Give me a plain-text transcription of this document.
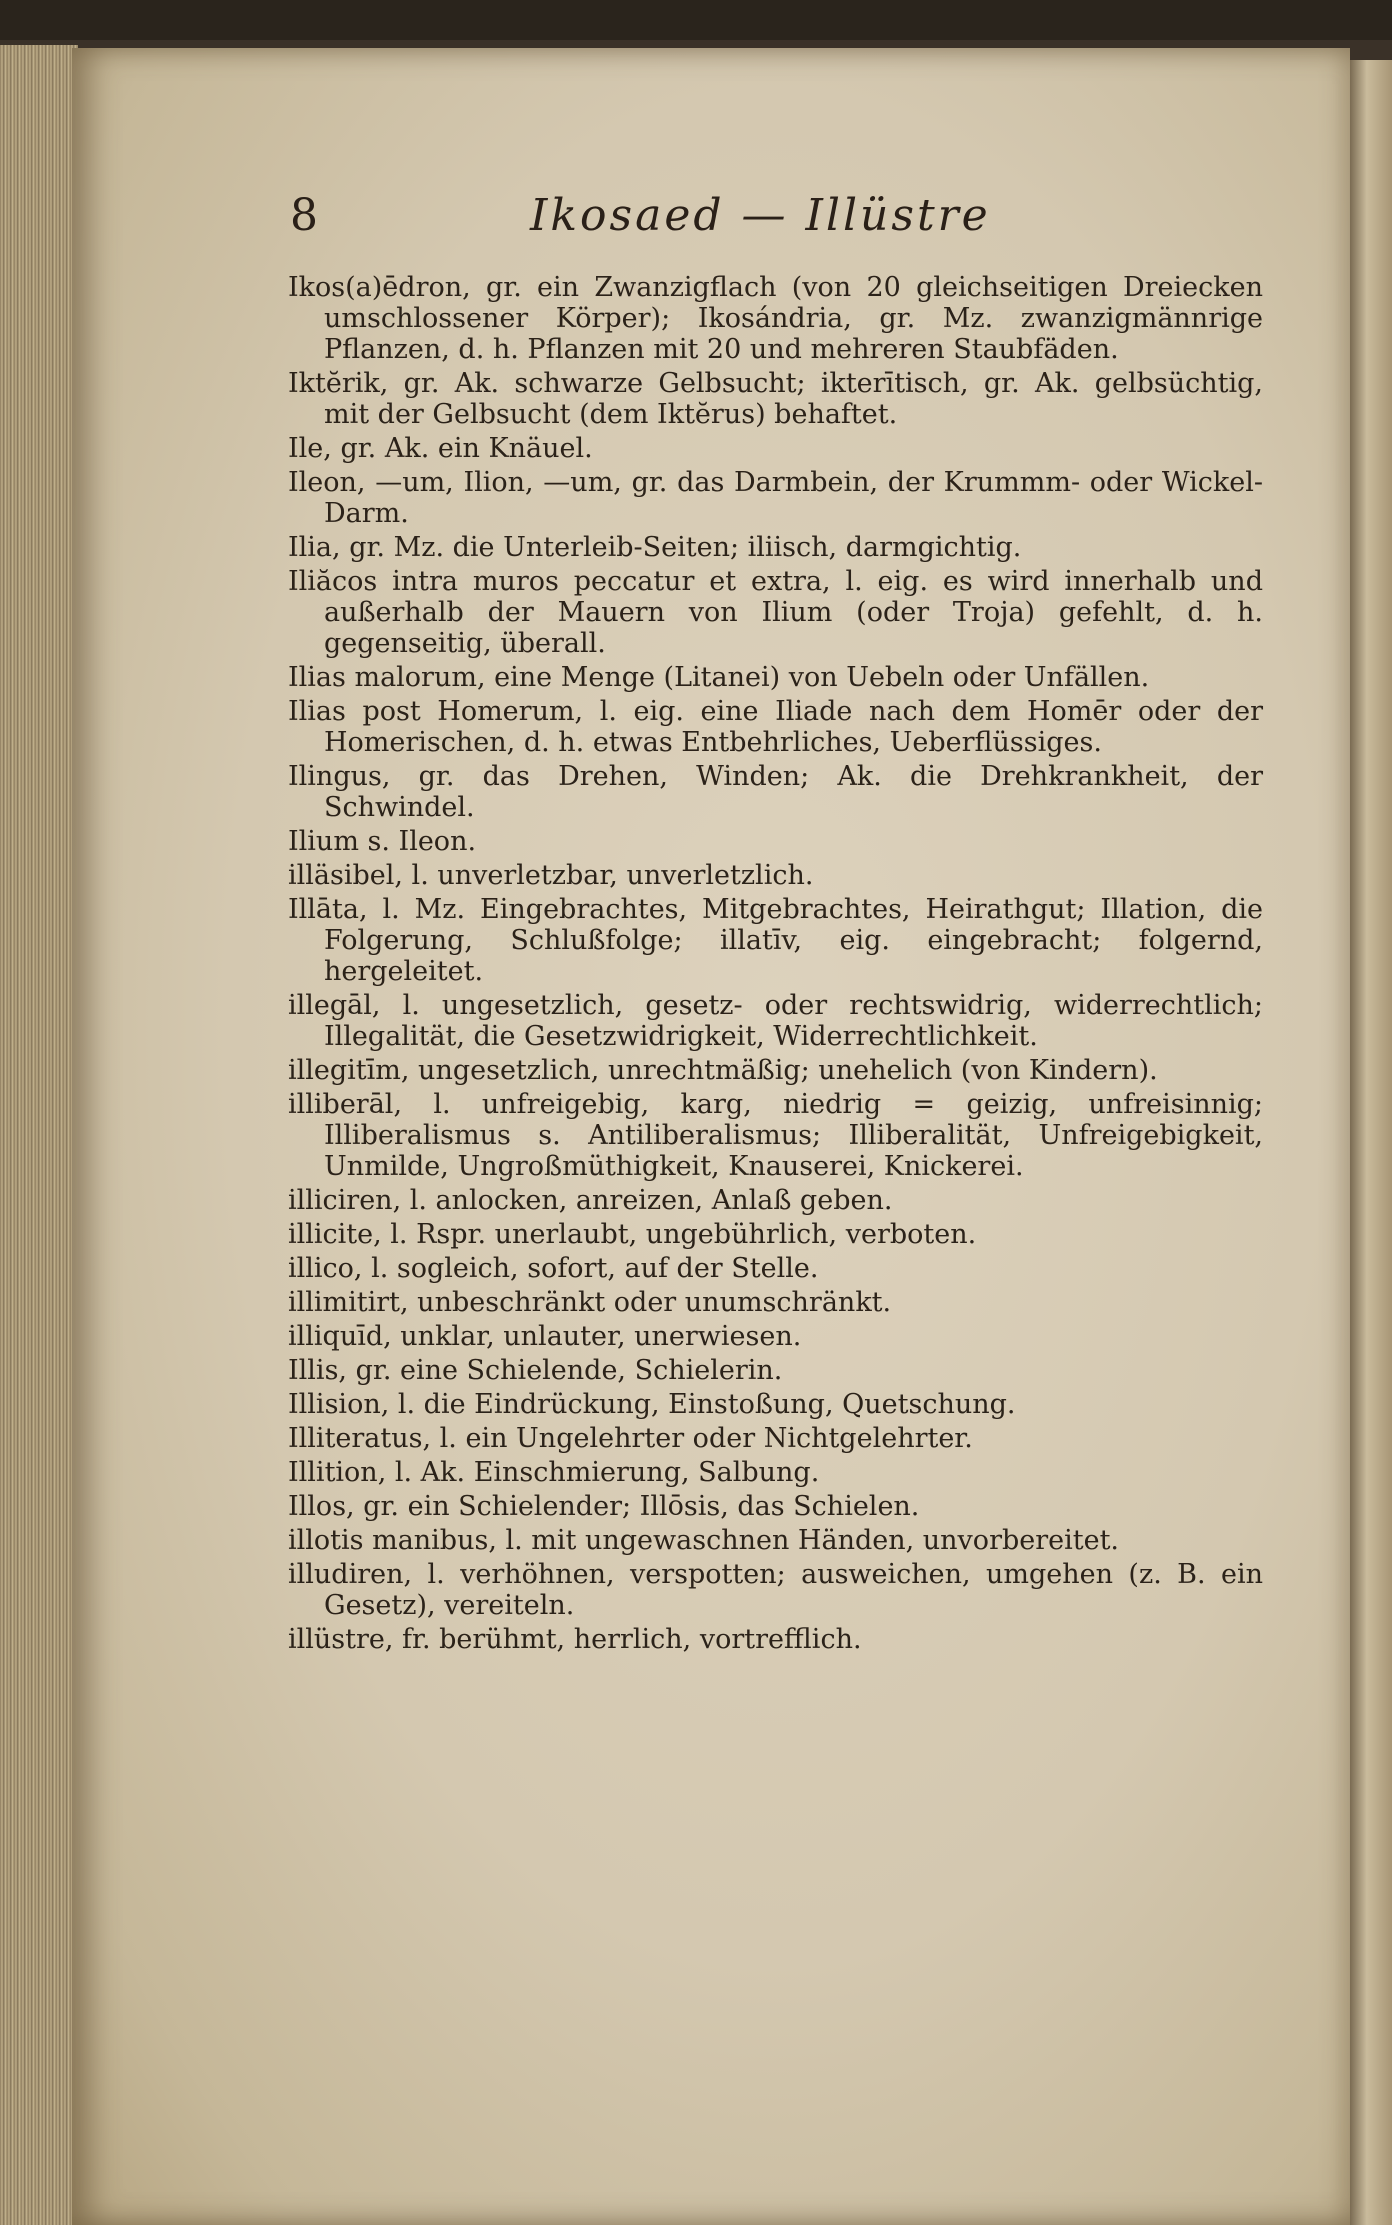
8	Ikosaed — Illüstre

Ikos(a)ēdron, gr. ein Zwanzigflach (von 20 gleichseitigen Dreiecken umschlossener Körper); Ikosándria, gr. Mz. zwanzigmännrige Pflanzen, d. h. Pflanzen mit 20 und mehreren Staubfäden.

Iktĕrik, gr. Ak. schwarze Gelbsucht; ikterītisch, gr. Ak. gelbsüchtig, mit der Gelbsucht (dem Iktĕrus) behaftet.

Ile, gr. Ak. ein Knäuel.

Ileon, —um, Ilion, —um, gr. das Darmbein, der Krummm- oder Wickel-Darm.

Ilia, gr. Mz. die Unterleib-Seiten; iliisch, darmgichtig.

Iliăcos intra muros peccatur et extra, l. eig. es wird innerhalb und außerhalb der Mauern von Ilium (oder Troja) gefehlt, d. h. gegenseitig, überall.

Ilias malorum, eine Menge (Litanei) von Uebeln oder Unfällen.

Ilias post Homerum, l. eig. eine Iliade nach dem Homēr oder der Homerischen, d. h. etwas Entbehrliches, Ueberflüssiges.

Ilingus, gr. das Drehen, Winden; Ak. die Drehkrankheit, der Schwindel.

Ilium s. Ileon.

illäsibel, l. unverletzbar, unverletzlich.

Illāta, l. Mz. Eingebrachtes, Mitgebrachtes, Heirathgut; Illation, die Folgerung, Schlußfolge; illatīv, eig. eingebracht; folgernd, hergeleitet.

illegāl, l. ungesetzlich, gesetz- oder rechtswidrig, widerrechtlich; Illegalität, die Gesetzwidrigkeit, Widerrechtlichkeit.

illegitīm, ungesetzlich, unrechtmäßig; unehelich (von Kindern).

illiberāl, l. unfreigebig, karg, niedrig = geizig, unfreisinnig; Illiberalismus s. Antiliberalismus; Illiberalität, Unfreigebigkeit, Unmilde, Ungroßmüthigkeit, Knauserei, Knickerei.

illiciren, l. anlocken, anreizen, Anlaß geben.

illicite, l. Rspr. unerlaubt, ungebührlich, verboten.

illico, l. sogleich, sofort, auf der Stelle.

illimitirt, unbeschränkt oder unumschränkt.

illiquīd, unklar, unlauter, unerwiesen.

Illis, gr. eine Schielende, Schielerin.

Illision, l. die Eindrückung, Einstoßung, Quetschung.

Illiteratus, l. ein Ungelehrter oder Nichtgelehrter.

Illition, l. Ak. Einschmierung, Salbung.

Illos, gr. ein Schielender; Illōsis, das Schielen.

illotis manibus, l. mit ungewaschnen Händen, unvorbereitet.

illudiren, l. verhöhnen, verspotten; ausweichen, umgehen (z. B. ein Gesetz), vereiteln.

illüstre, fr. berühmt, herrlich, vortrefflich.
